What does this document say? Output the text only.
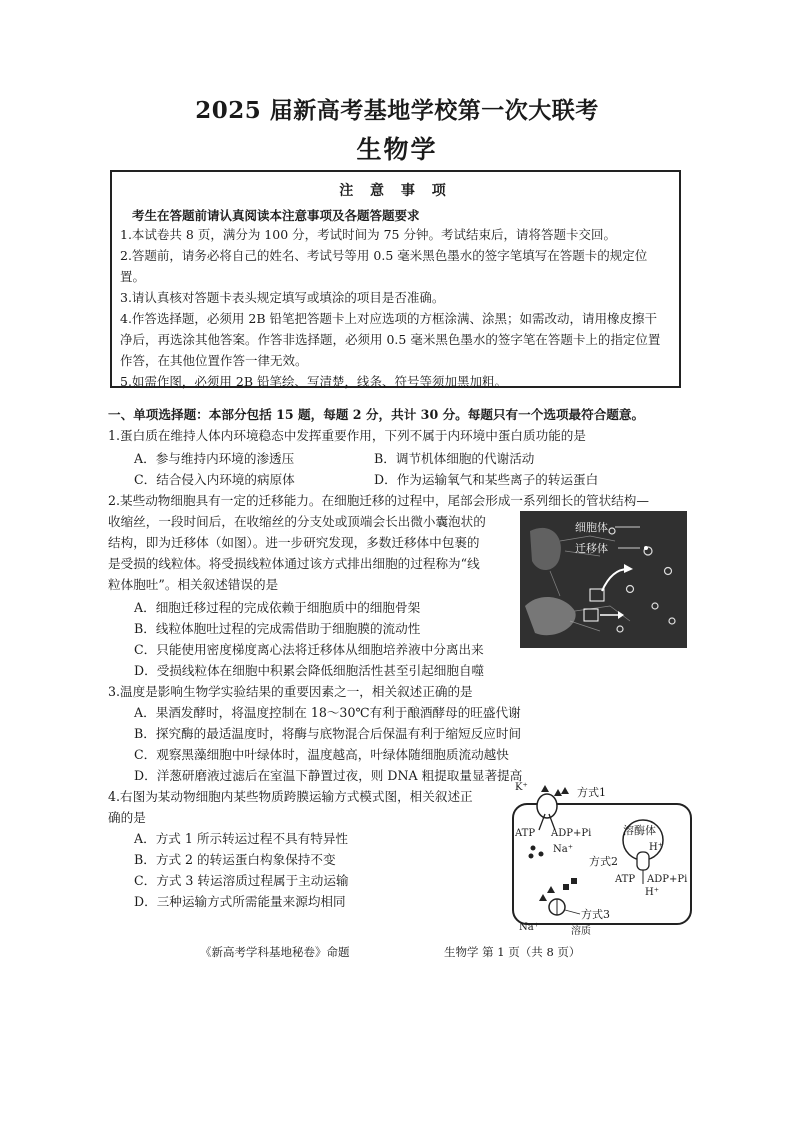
2025 届新高考基地学校第一次大联考
生物学
注 意 事 项
考生在答题前请认真阅读本注意事项及各题答题要求
1.本试卷共 8 页，满分为 100 分，考试时间为 75 分钟。考试结束后，请将答题卡交回。
2.答题前，请务必将自己的姓名、考试号等用 0.5 毫米黑色墨水的签字笔填写在答题卡的规定位置。
3.请认真核对答题卡表头规定填写或填涂的项目是否准确。
4.作答选择题，必须用 2B 铅笔把答题卡上对应选项的方框涂满、涂黑；如需改动，请用橡皮擦干净后，再选涂其他答案。作答非选择题，必须用 0.5 毫米黑色墨水的签字笔在答题卡上的指定位置作答，在其他位置作答一律无效。
5.如需作图，必须用 2B 铅笔绘、写清楚，线条、符号等须加黑加粗。
一、单项选择题：本部分包括 15 题，每题 2 分，共计 30 分。每题只有一个选项最符合题意。
1.蛋白质在维持人体内环境稳态中发挥重要作用，下列不属于内环境中蛋白质功能的是
A．参与维持内环境的渗透压	B．调节机体细胞的代谢活动
C．结合侵入内环境的病原体	D．作为运输氧气和某些离子的转运蛋白
2.某些动物细胞具有一定的迁移能力。在细胞迁移的过程中，尾部会形成一系列细长的管状结构—
收缩丝，一段时间后，在收缩丝的分支处或顶端会长出微小囊泡状的
结构，即为迁移体（如图）。进一步研究发现，多数迁移体中包裹的
是受损的线粒体。将受损线粒体通过该方式排出细胞的过程称为“线
粒体胞吐”。相关叙述错误的是
A．细胞迁移过程的完成依赖于细胞质中的细胞骨架
B．线粒体胞吐过程的完成需借助于细胞膜的流动性
C．只能使用密度梯度离心法将迁移体从细胞培养液中分离出来
D．受损线粒体在细胞中积累会降低细胞活性甚至引起细胞自噬
细胞体
迁移体
3.温度是影响生物学实验结果的重要因素之一，相关叙述正确的是
A．果酒发酵时，将温度控制在 18～30℃有利于酿酒酵母的旺盛代谢
B．探究酶的最适温度时，将酶与底物混合后保温有利于缩短反应时间
C．观察黑藻细胞中叶绿体时，温度越高，叶绿体随细胞质流动越快
D．洋葱研磨液过滤后在室温下静置过夜，则 DNA 粗提取量显著提高
4.右图为某动物细胞内某些物质跨膜运输方式模式图，相关叙述正
确的是
A．方式 1 所示转运过程不具有特异性
B．方式 2 的转运蛋白构象保持不变
C．方式 3 转运溶质过程属于主动运输
D．三种运输方式所需能量来源均相同
K⁺	方式1
ATP ADP+Pi
Na⁺
溶酶体
H⁺
方式2
ATP ADP+Pi
H⁺
Na⁺
方式3
溶质
《新高考学科基地秘卷》命题	生物学 第 1 页（共 8 页）
